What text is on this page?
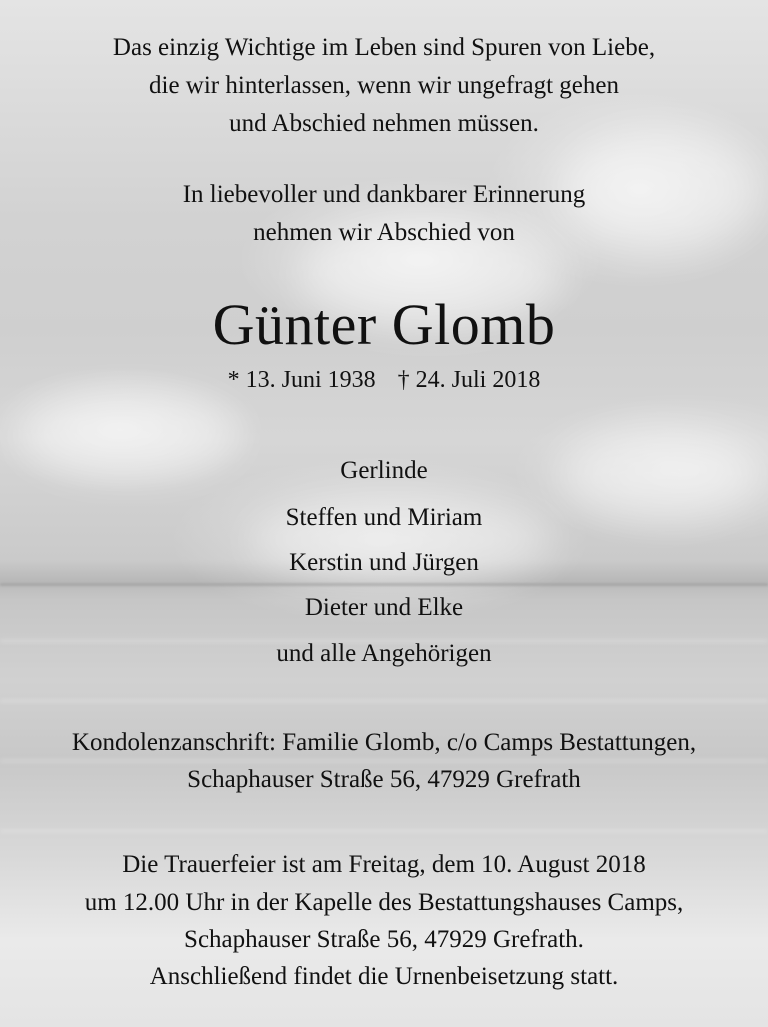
Das einzig Wichtige im Leben sind Spuren von Liebe,
die wir hinterlassen, wenn wir ungefragt gehen
und Abschied nehmen müssen.
In liebevoller und dankbarer Erinnerung
nehmen wir Abschied von
Günter Glomb
* 13. Juni 1938 † 24. Juli 2018
Gerlinde
Steffen und Miriam
Kerstin und Jürgen
Dieter und Elke
und alle Angehörigen
Kondolenzanschrift: Familie Glomb, c/o Camps Bestattungen,
Schaphauser Straße 56, 47929 Grefrath
Die Trauerfeier ist am Freitag, dem 10. August 2018
um 12.00 Uhr in der Kapelle des Bestattungshauses Camps,
Schaphauser Straße 56, 47929 Grefrath.
Anschließend findet die Urnenbeisetzung statt.
